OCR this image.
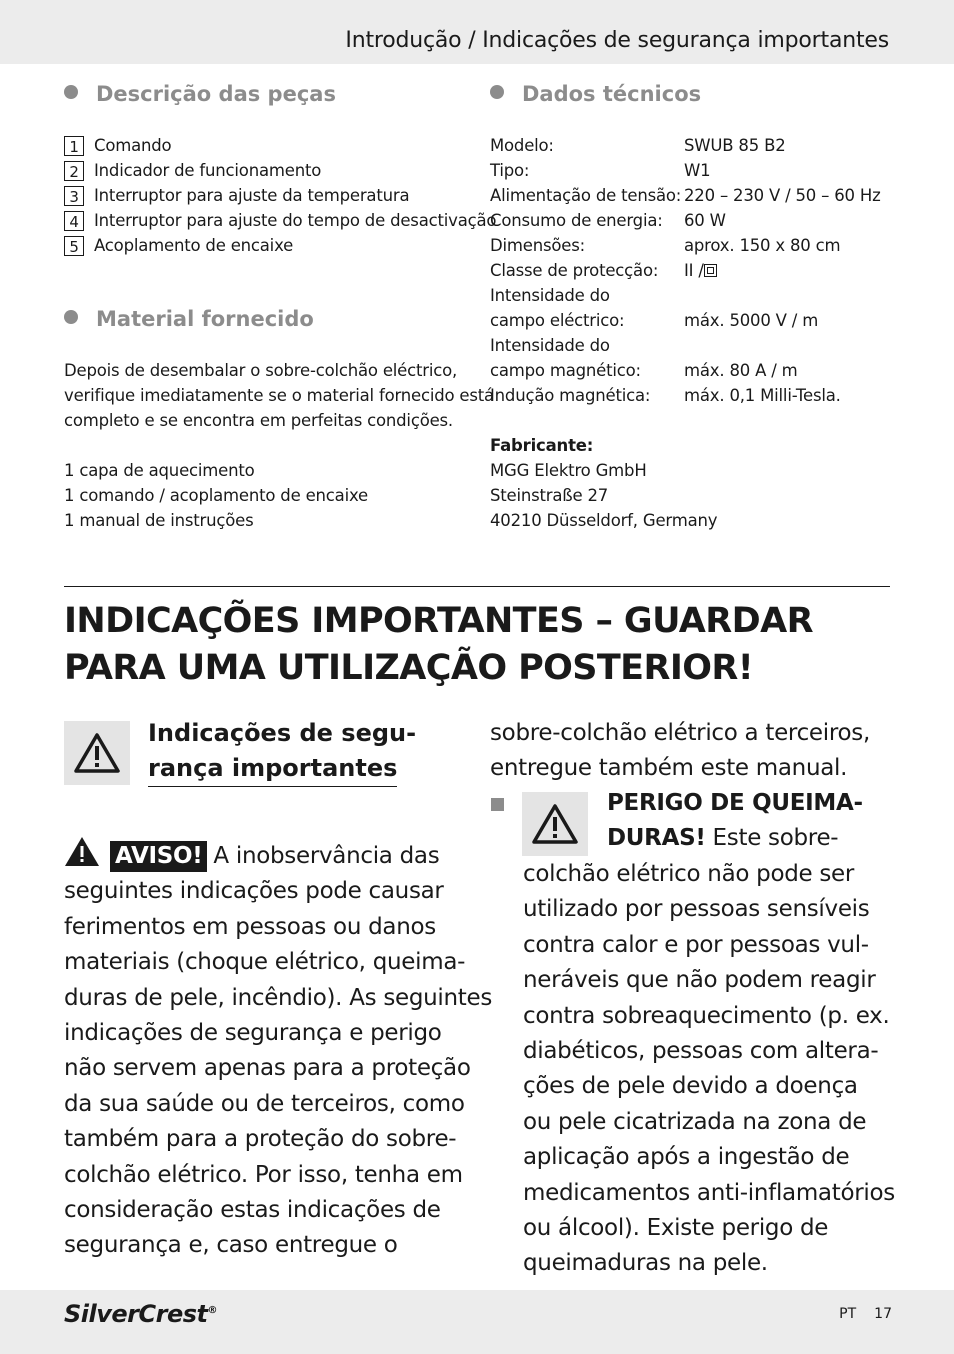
Introdução / Indicações de segurança importantes
Descrição das peças
1 Comando
2 Indicador de funcionamento
3 Interruptor para ajuste da temperatura
4 Interruptor para ajuste do tempo de desactivação
5 Acoplamento de encaixe
Material fornecido
Depois de desembalar o sobre-colchão eléctrico,
verifique imediatamente se o material fornecido está
completo e se encontra em perfeitas condições.
1 capa de aquecimento
1 comando / acoplamento de encaixe
1 manual de instruções
Dados técnicos
Modelo:	SWUB 85 B2
Tipo:	W1
Alimentação de tensão: 220 – 230 V / 50 – 60 Hz
Consumo de energia:	60 W
Dimensões:	aprox. 150 x 80 cm
Classe de protecção:	II /
Intensidade do
campo eléctrico:	máx. 5000 V / m
Intensidade do
campo magnético:	máx. 80 A / m
Indução magnética:	máx. 0,1 Milli-Tesla.
Fabricante:
MGG Elektro GmbH
Steinstraße 27
40210 Düsseldorf, Germany
INDICAÇÕES IMPORTANTES – GUARDAR
PARA UMA UTILIZAÇÃO POSTERIOR!
Indicações de segu-
rança importantes
AVISO! A inobservância das
seguintes indicações pode causar
ferimentos em pessoas ou danos
materiais (choque elétrico, queima-
duras de pele, incêndio). As seguintes
indicações de segurança e perigo
não servem apenas para a proteção
da sua saúde ou de terceiros, como
também para a proteção do sobre-
colchão elétrico. Por isso, tenha em
consideração estas indicações de
segurança e, caso entregue o
sobre-colchão elétrico a terceiros,
entregue também este manual.
PERIGO DE QUEIMA-
DURAS! Este sobre-
colchão elétrico não pode ser
utilizado por pessoas sensíveis
contra calor e por pessoas vul-
neráveis que não podem reagir
contra sobreaquecimento (p. ex.
diabéticos, pessoas com altera-
ções de pele devido a doença
ou pele cicatrizada na zona de
aplicação após a ingestão de
medicamentos anti-inflamatórios
ou álcool). Existe perigo de
queimaduras na pele.
SilverCrest®	PT 17
